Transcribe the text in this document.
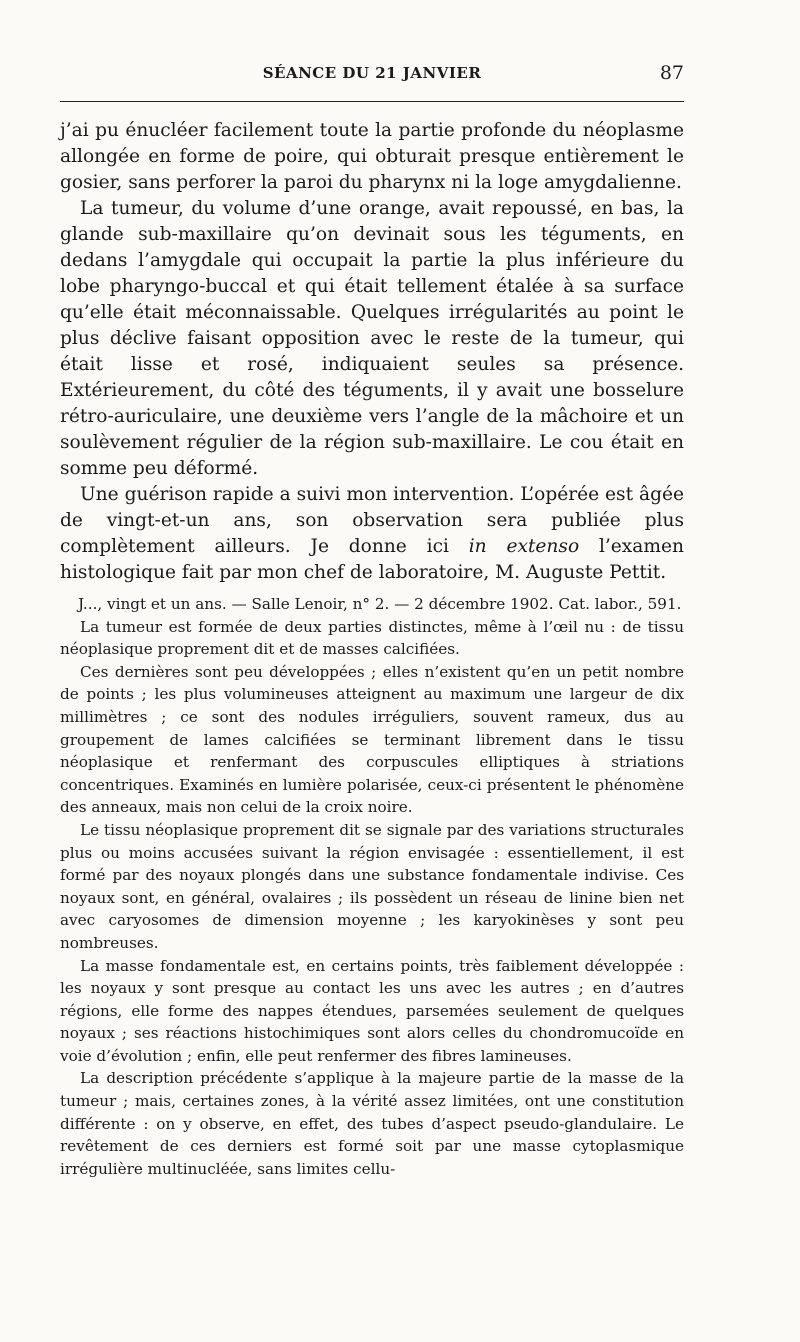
SÉANCE DU 21 JANVIER	87

j’ai pu énucléer facilement toute la partie profonde du néoplasme allongée en forme de poire, qui obturait presque entièrement le gosier, sans perforer la paroi du pharynx ni la loge amygdalienne.

La tumeur, du volume d’une orange, avait repoussé, en bas, la glande sub-maxillaire qu’on devinait sous les téguments, en dedans l’amygdale qui occupait la partie la plus inférieure du lobe pharyngo-buccal et qui était tellement étalée à sa surface qu’elle était méconnaissable. Quelques irrégularités au point le plus déclive faisant opposition avec le reste de la tumeur, qui était lisse et rosé, indiquaient seules sa présence. Extérieurement, du côté des téguments, il y avait une bosselure rétro-auriculaire, une deuxième vers l’angle de la mâchoire et un soulèvement régulier de la région sub-maxillaire. Le cou était en somme peu déformé.

Une guérison rapide a suivi mon intervention. L’opérée est âgée de vingt-et-un ans, son observation sera publiée plus complètement ailleurs. Je donne ici in extenso l’examen histologique fait par mon chef de laboratoire, M. Auguste Pettit.

J..., vingt et un ans. — Salle Lenoir, n° 2. — 2 décembre 1902. Cat. labor., 591.

La tumeur est formée de deux parties distinctes, même à l’œil nu : de tissu néoplasique proprement dit et de masses calcifiées.

Ces dernières sont peu développées ; elles n’existent qu’en un petit nombre de points ; les plus volumineuses atteignent au maximum une largeur de dix millimètres ; ce sont des nodules irréguliers, souvent rameux, dus au groupement de lames calcifiées se terminant librement dans le tissu néoplasique et renfermant des corpuscules elliptiques à striations concentriques. Examinés en lumière polarisée, ceux-ci présentent le phénomène des anneaux, mais non celui de la croix noire.

Le tissu néoplasique proprement dit se signale par des variations structurales plus ou moins accusées suivant la région envisagée : essentiellement, il est formé par des noyaux plongés dans une substance fondamentale indivise. Ces noyaux sont, en général, ovalaires ; ils possèdent un réseau de linine bien net avec caryosomes de dimension moyenne ; les karyokinèses y sont peu nombreuses.

La masse fondamentale est, en certains points, très faiblement développée : les noyaux y sont presque au contact les uns avec les autres ; en d’autres régions, elle forme des nappes étendues, parsemées seulement de quelques noyaux ; ses réactions histochimiques sont alors celles du chondromucoïde en voie d’évolution ; enfin, elle peut renfermer des fibres lamineuses.

La description précédente s’applique à la majeure partie de la masse de la tumeur ; mais, certaines zones, à la vérité assez limitées, ont une constitution différente : on y observe, en effet, des tubes d’aspect pseudo-glandulaire. Le revêtement de ces derniers est formé soit par une masse cytoplasmique irrégulière multinucléée, sans limites cellu-
